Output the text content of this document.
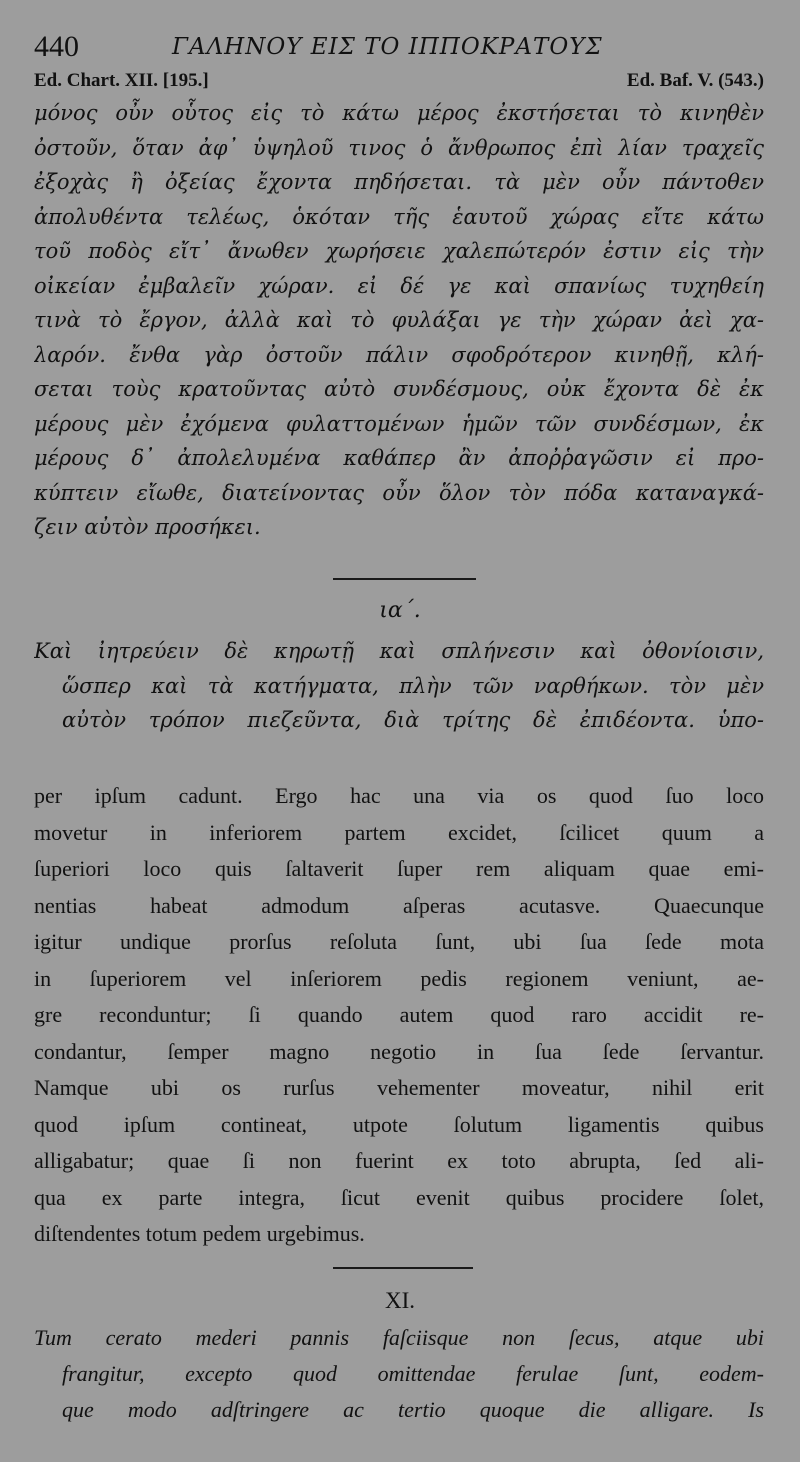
440	ΓΑΛΗΝΟΥ ΕΙΣ ΤΟ ΙΠΠΟΚΡΑΤΟΥΣ
Ed. Chart. XII. [195.]	Ed. Baf. V. (543.)
μόνος οὖν οὗτος εἰς τὸ κάτω μέρος ἐκστήσεται τὸ κινηθὲν
ὀστοῦν, ὅταν ἀφ᾽ ὑψηλοῦ τινος ὁ ἄνθρωπος ἐπὶ λίαν τραχεῖς
ἐξοχὰς ἢ ὀξείας ἔχοντα πηδήσεται. τὰ μὲν οὖν πάντοθεν
ἀπολυθέντα τελέως, ὁκόταν τῆς ἑαυτοῦ χώρας εἴτε κάτω
τοῦ ποδὸς εἴτ᾽ ἄνωθεν χωρήσειε χαλεπώτερόν ἐστιν εἰς τὴν
οἰκείαν ἐμβαλεῖν χώραν. εἰ δέ γε καὶ σπανίως τυχηθείη
τινὰ τὸ ἔργον, ἀλλὰ καὶ τὸ φυλάξαι γε τὴν χώραν ἀεὶ χα-
λαρόν. ἔνθα γὰρ ὀστοῦν πάλιν σφοδρότερον κινηθῇ, κλή-
σεται τοὺς κρατοῦντας αὐτὸ συνδέσμους, οὐκ ἔχοντα δὲ ἐκ
μέρους μὲν ἐχόμενα φυλαττομένων ἡμῶν τῶν συνδέσμων, ἐκ
μέρους δ᾽ ἀπολελυμένα καθάπερ ἂν ἀποῤῥαγῶσιν εἰ προ-
κύπτειν εἴωθε, διατείνοντας οὖν ὅλον τὸν πόδα καταναγκά-
ζειν αὐτὸν προσήκει.
ια΄.
Καὶ ἰητρεύειν δὲ κηρωτῇ καὶ σπλήνεσιν καὶ ὀθονίοισιν,
ὥσπερ καὶ τὰ κατήγματα, πλὴν τῶν ναρθήκων. τὸν μὲν
αὐτὸν τρόπον πιεζεῦντα, διὰ τρίτης δὲ ἐπιδέοντα. ὑπο-
per ipſum cadunt. Ergo hac una via os quod ſuo loco
movetur in inferiorem partem excidet, ſcilicet quum a
ſuperiori loco quis ſaltaverit ſuper rem aliquam quae emi-
nentias habeat admodum aſperas acutasve. Quaecunque
igitur undique prorſus reſoluta ſunt, ubi ſua ſede mota
in ſuperiorem vel inſeriorem pedis regionem veniunt, ae-
gre reconduntur; ſi quando autem quod raro accidit re-
condantur, ſemper magno negotio in ſua ſede ſervantur.
Namque ubi os rurſus vehementer moveatur, nihil erit
quod ipſum contineat, utpote ſolutum ligamentis quibus
alligabatur; quae ſi non fuerint ex toto abrupta, ſed ali-
qua ex parte integra, ſicut evenit quibus procidere ſolet,
diſtendentes totum pedem urgebimus.
XI.
Tum cerato mederi pannis faſciisque non ſecus, atque ubi
frangitur, excepto quod omittendae ferulae ſunt, eodem-
que modo adſtringere ac tertio quoque die alligare. Is
